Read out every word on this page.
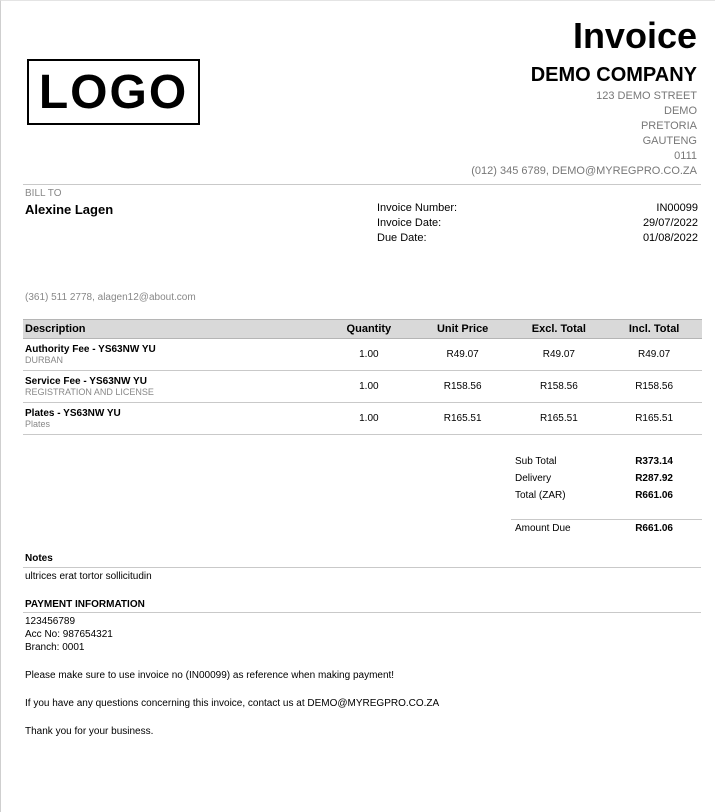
LOGO
Invoice
DEMO COMPANY
123 DEMO STREET
DEMO
PRETORIA
GAUTENG
0111
(012) 345 6789, DEMO@MYREGPRO.CO.ZA
BILL TO
Alexine Lagen	Invoice Number:	IN00099
Invoice Date:	29/07/2022
Due Date:	01/08/2022
(361) 511 2778, alagen12@about.com
Description	Quantity	Unit Price	Excl. Total	Incl. Total

Authority Fee - YS63NW YU
DURBAN	1.00	R49.07	R49.07	R49.07

Service Fee - YS63NW YU
REGISTRATION AND LICENSE	1.00	R158.56	R158.56	R158.56

Plates - YS63NW YU
Plates	1.00	R165.51	R165.51	R165.51
Sub Total	R373.14
Delivery	R287.92
Total (ZAR)	R661.06
Amount Due	R661.06
Notes
ultrices erat tortor sollicitudin
PAYMENT INFORMATION
123456789
Acc No: 987654321
Branch: 0001
Please make sure to use invoice no (IN00099) as reference when making payment!
If you have any questions concerning this invoice, contact us at DEMO@MYREGPRO.CO.ZA
Thank you for your business.
